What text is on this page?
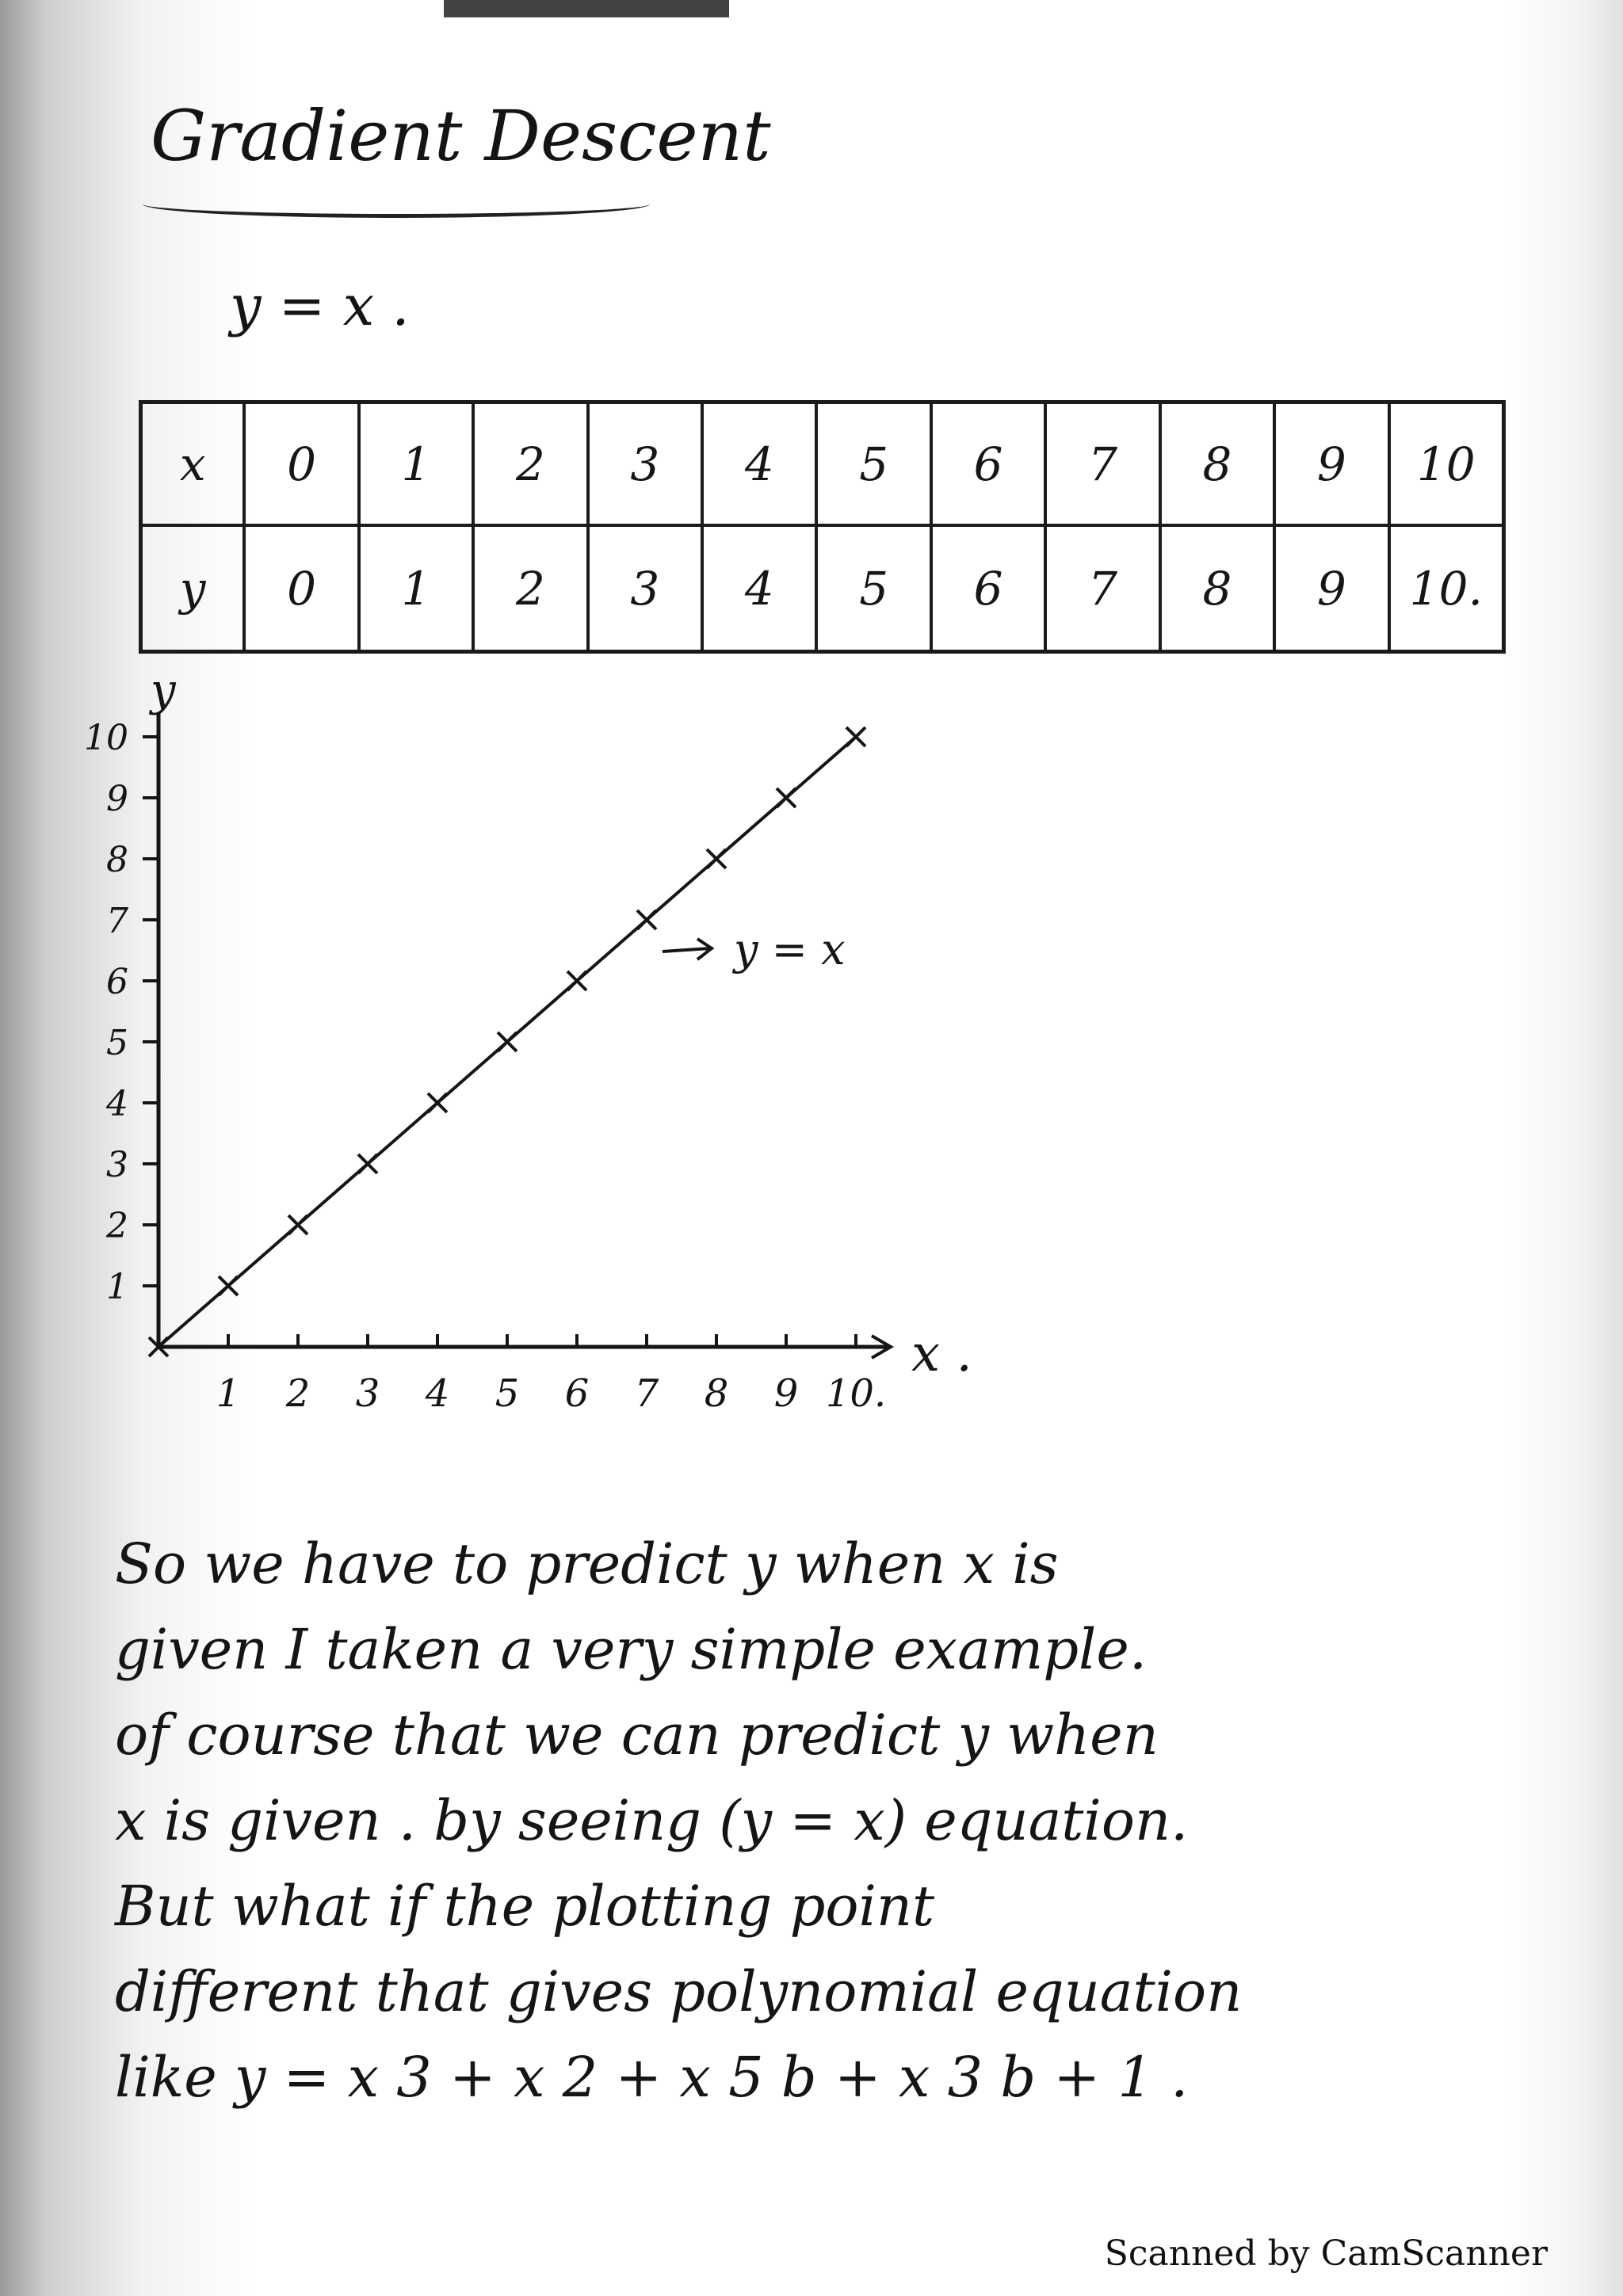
Gradient Descent
y = x .
x	0	1	2	3	4	5	6	7	8	9	10
y	0	1	2	3	4	5	6	7	8	9	10.
1 2 3 4 5 6 7 8 9 10.
1
2
3
4
5
6
7
8
9
10
x .
y
y = x
So we have to predict y when x is
given I taken a very simple example.
of course that we can predict y when
x is given . by seeing (y = x) equation.
But what if the plotting point
different that gives polynomial equation
like y = x 3 + x 2 + x 5 b + x 3 b + 1 .
Scanned by CamScanner
